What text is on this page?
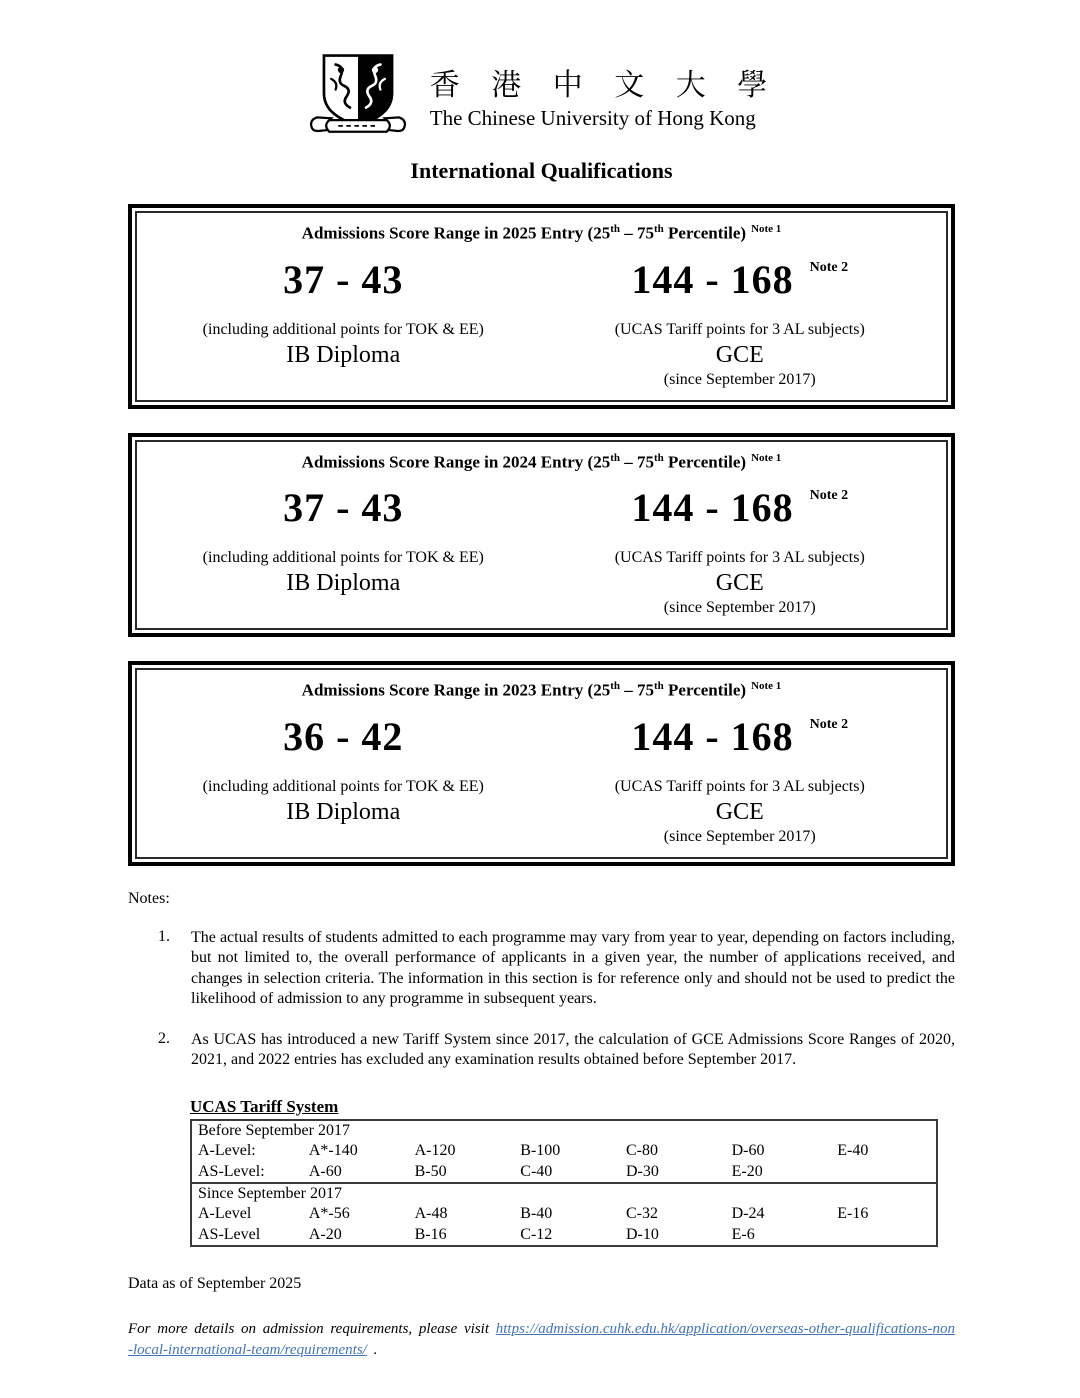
香 港 中 文 大 學
The Chinese University of Hong Kong
International Qualifications
Admissions Score Range in 2025 Entry (25th – 75th Percentile) $^{Note 1}$
37 - 43
(including additional points for TOK & EE)
IB Diploma
144 - 168 $^{Note 2}$
(UCAS Tariff points for 3 AL subjects)
GCE
(since September 2017)
Admissions Score Range in 2024 Entry (25th – 75th Percentile) $^{Note 1}$
37 - 43
(including additional points for TOK & EE)
IB Diploma
144 - 168 $^{Note 2}$
(UCAS Tariff points for 3 AL subjects)
GCE
(since September 2017)
Admissions Score Range in 2023 Entry (25th – 75th Percentile) $^{Note 1}$
36 - 42
(including additional points for TOK & EE)
IB Diploma
144 - 168 $^{Note 2}$
(UCAS Tariff points for 3 AL subjects)
GCE
(since September 2017)
Notes:
1.	The actual results of students admitted to each programme may vary from year to year, depending on factors including, but not limited to, the overall performance of applicants in a given year, the number of applications received, and changes in selection criteria. The information in this section is for reference only and should not be used to predict the likelihood of admission to any programme in subsequent years.
2.	As UCAS has introduced a new Tariff System since 2017, the calculation of GCE Admissions Score Ranges of 2020, 2021, and 2022 entries has excluded any examination results obtained before September 2017.
UCAS Tariff System
Before September 2017						
A-Level:	A*-140	A-120	B-100	C-80	D-60	E-40
AS-Level:	A-60	B-50	C-40	D-30	E-20	
Since September 2017						
A-Level	A*-56	A-48	B-40	C-32	D-24	E-16
AS-Level	A-20	B-16	C-12	D-10	E-6	
Data as of September 2025

For more details on admission requirements, please visit https://admission.cuhk.edu.hk/application/overseas-other-qualifications-non-local-international-team/requirements/ .
